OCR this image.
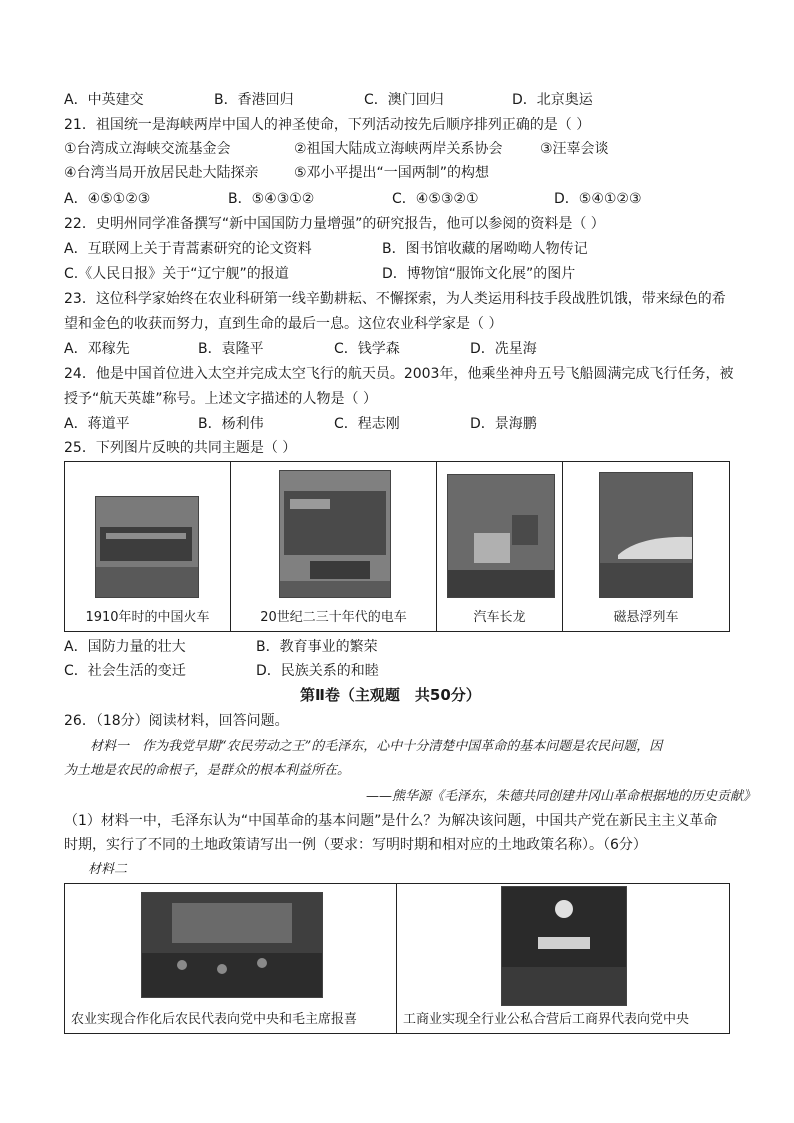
A．中英建交	B．香港回归	C．澳门回归	D．北京奥运
21．祖国统一是海峡两岸中国人的神圣使命，下列活动按先后顺序排列正确的是（ ）
①台湾成立海峡交流基金会	②祖国大陆成立海峡两岸关系协会	③汪辜会谈
④台湾当局开放居民赴大陆探亲	⑤邓小平提出“一国两制”的构想
A．④⑤①②③	B．⑤④③①②	C．④⑤③②①	D．⑤④①②③
22．史明州同学准备撰写“新中国国防力量增强”的研究报告，他可以参阅的资料是（ ）
A．互联网上关于青蒿素研究的论文资料	B．图书馆收藏的屠呦呦人物传记
C.《人民日报》关于“辽宁舰”的报道	D．博物馆“服饰文化展”的图片
23．这位科学家始终在农业科研第一线辛勤耕耘、不懈探索，为人类运用科技手段战胜饥饿，带来绿色的希
望和金色的收获而努力，直到生命的最后一息。这位农业科学家是（ ）
A．邓稼先	B．袁隆平	C．钱学森	D．冼星海
24．他是中国首位进入太空并完成太空飞行的航天员。2003年，他乘坐神舟五号飞船圆满完成飞行任务，被
授予“航天英雄”称号。上述文字描述的人物是（ ）
A．蒋道平	B．杨利伟	C．程志刚	D．景海鹏
25．下列图片反映的共同主题是（ ）
1910年时的中国火车	20世纪二三十年代的电车	汽车长龙	磁悬浮列车
A．国防力量的壮大	B．教育事业的繁荣
C．社会生活的变迁	D．民族关系的和睦
第Ⅱ卷（主观题　共50分）
26．（18分）阅读材料，回答问题。
材料一　作为我党早期“农民劳动之王”的毛泽东，心中十分清楚中国革命的基本问题是农民问题，因
为土地是农民的命根子，是群众的根本利益所在。
——熊华源《毛泽东，朱德共同创建井冈山革命根据地的历史贡献》
（1）材料一中，毛泽东认为“中国革命的基本问题”是什么？为解决该问题，中国共产党在新民主主义革命
时期，实行了不同的土地政策请写出一例（要求：写明时期和相对应的土地政策名称）。（6分）
材料二
农业实现合作化后农民代表向党中央和毛主席报喜	工商业实现全行业公私合营后工商界代表向党中央
